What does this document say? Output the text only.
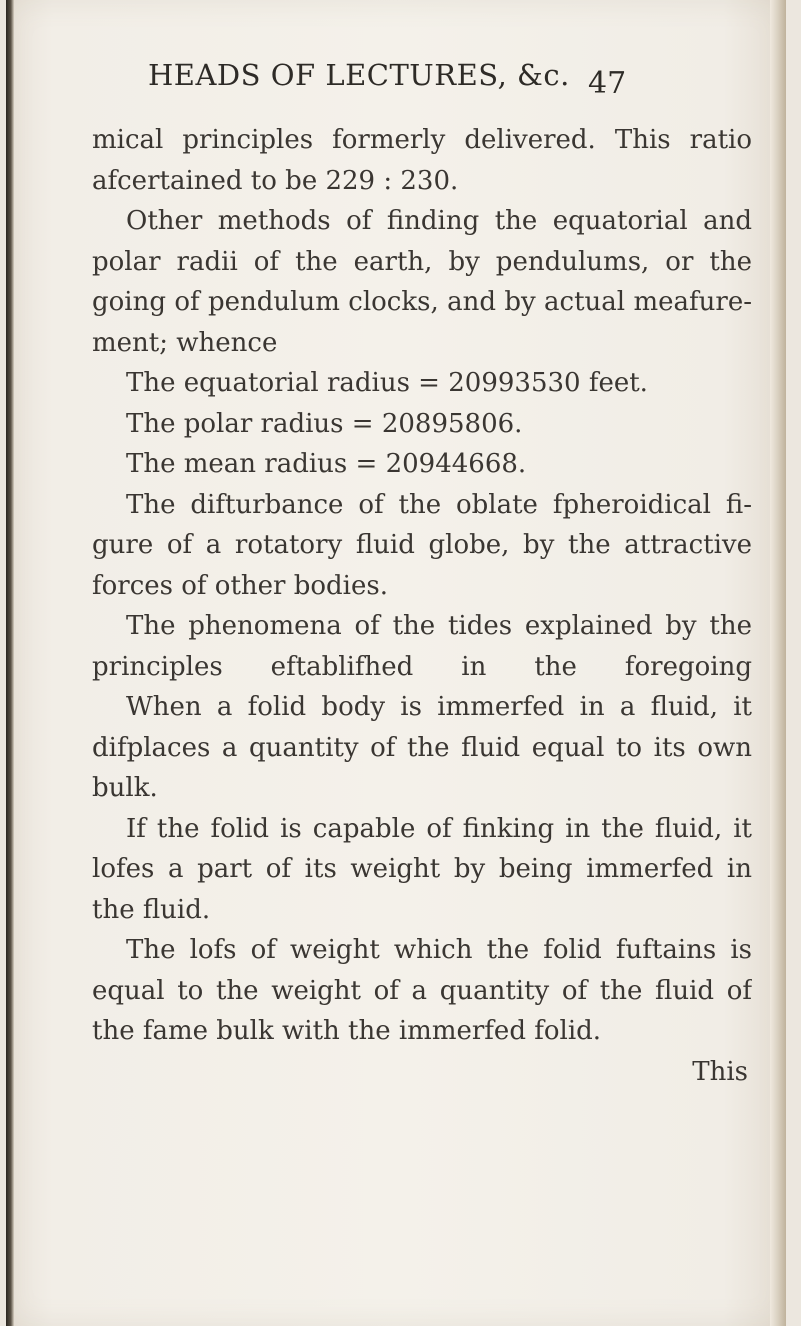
HEADS OF LECTURES, &c. 47
mical principles formerly delivered. This ratio
afcertained to be 229 : 230.
Other methods of finding the equatorial and
polar radii of the earth, by pendulums, or the
going of pendulum clocks, and by actual meafure-
ment; whence
The equatorial radius = 20993530 feet.
The polar radius = 20895806.
The mean radius = 20944668.
The difturbance of the oblate fpheroidical fi-
gure of a rotatory fluid globe, by the attractive
forces of other bodies.
The phenomena of the tides explained by the
principles eftablifhed in the foregoing
When a folid body is immerfed in a fluid, it
difplaces a quantity of the fluid equal to its own
bulk.
If the folid is capable of finking in the fluid, it
lofes a part of its weight by being immerfed in
the fluid.
The lofs of weight which the folid fuftains is
equal to the weight of a quantity of the fluid of
the fame bulk with the immerfed folid.
This
